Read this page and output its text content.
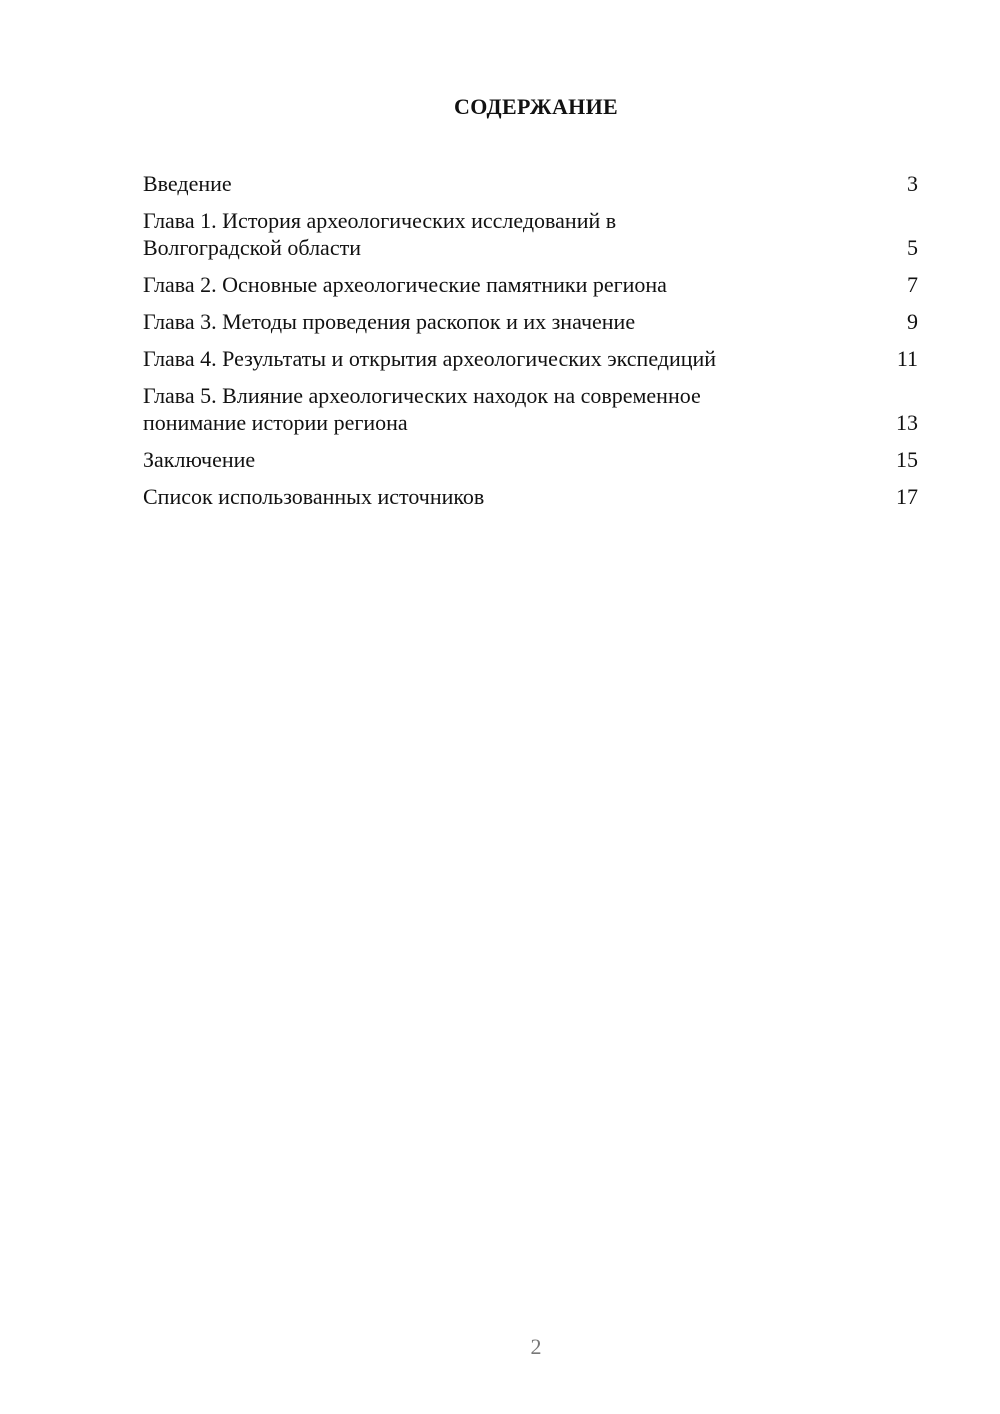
СОДЕРЖАНИЕ
Введение	3
Глава 1. История археологических исследований в Волгоградской области	5
Глава 2. Основные археологические памятники региона	7
Глава 3. Методы проведения раскопок и их значение	9
Глава 4. Результаты и открытия археологических экспедиций	11
Глава 5. Влияние археологических находок на современное понимание истории региона	13
Заключение	15
Список использованных источников	17
2
